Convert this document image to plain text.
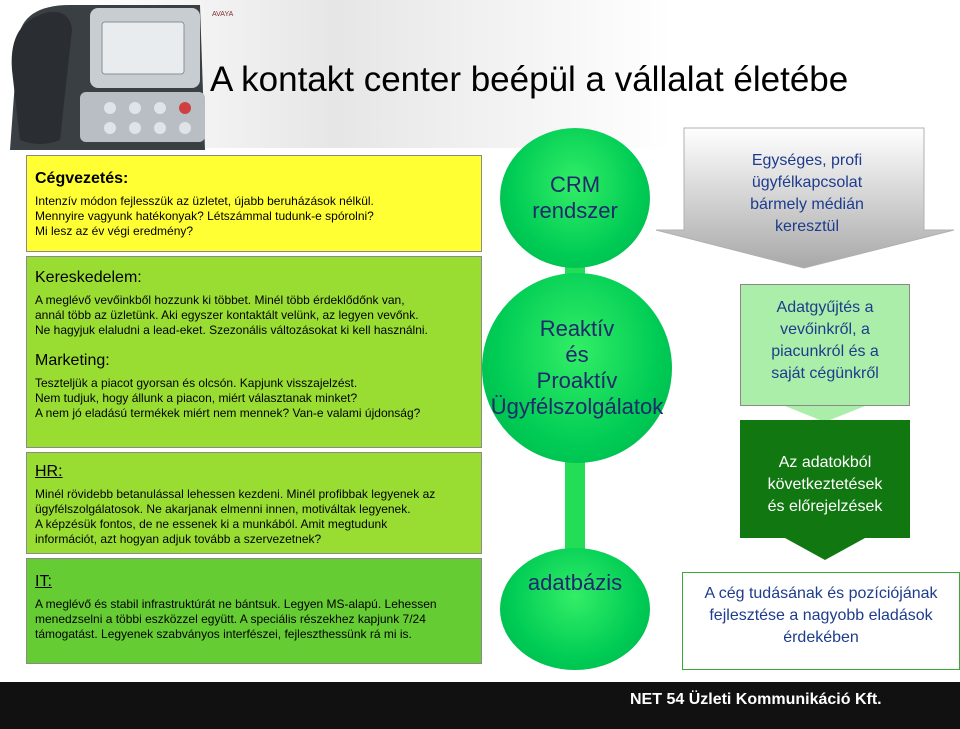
AVAYA
A kontakt center beépül a vállalat életébe
Cégvezetés:
Intenzív módon fejlesszük az üzletet, újabb beruházások nélkül.
Mennyire vagyunk hatékonyak? Létszámmal tudunk-e spórolni?
Mi lesz az év végi eredmény?
Kereskedelem:
A meglévő vevőinkből hozzunk ki többet. Minél több érdeklődőnk van,
annál több az üzletünk. Aki egyszer kontaktált velünk, az legyen vevőnk.
Ne hagyjuk elaludni a lead-eket. Szezonális változásokat ki kell használni.
Marketing:
Teszteljük a piacot gyorsan és olcsón. Kapjunk visszajelzést.
Nem tudjuk, hogy állunk a piacon, miért választanak minket?
A nem jó eladású termékek miért nem mennek? Van-e valami újdonság?
HR:
Minél rövidebb betanulással lehessen kezdeni. Minél profibbak legyenek az
ügyfélszolgálatosok. Ne akarjanak elmenni innen, motiváltak legyenek.
A képzésük fontos, de ne essenek ki a munkából. Amit megtudunk
információt, azt hogyan adjuk tovább a szervezetnek?
IT:
A meglévő és stabil infrastruktúrát ne bántsuk. Legyen MS-alapú. Lehessen
menedzselni a többi eszközzel együtt. A speciális részekhez kapjunk 7/24
támogatást. Legyenek szabványos interfészei, fejleszthessünk rá mi is.
CRM
rendszer
Reaktív
és
Proaktív
Ügyfélszolgálatok
adatbázis
Egységes, profi
ügyfélkapcsolat
bármely médián
keresztül
Adatgyűjtés a
vevőinkről, a
piacunkról és a
saját cégünkről
Az adatokból
következtetések
és előrejelzések
A cég tudásának és pozíciójának
fejlesztése a nagyobb eladások
érdekében
NET 54 Üzleti Kommunikáció Kft.
